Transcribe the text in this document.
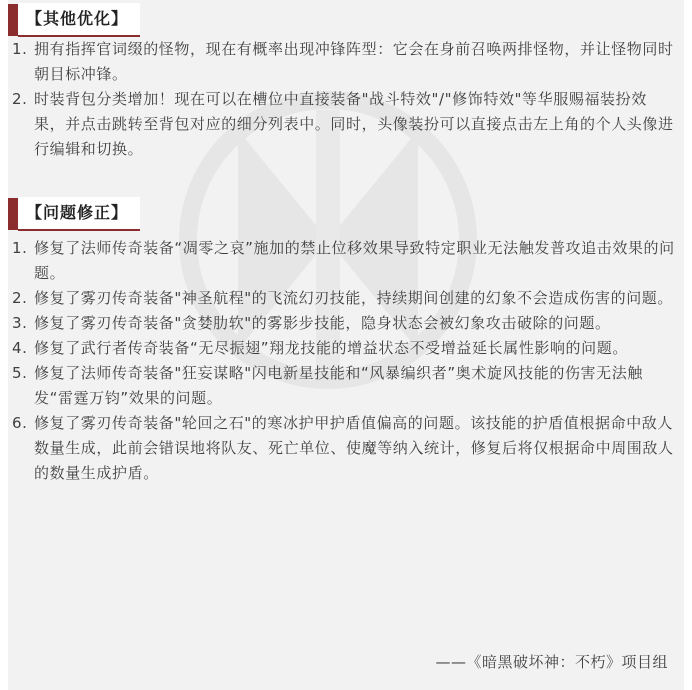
【其他优化】
1. 拥有指挥官词缀的怪物，现在有概率出现冲锋阵型：它会在身前召唤两排怪物，并让怪物同时朝目标冲锋。
2. 时装背包分类增加！现在可以在槽位中直接装备"战斗特效"/"修饰特效"等华服赐福装扮效果，并点击跳转至背包对应的细分列表中。同时，头像装扮可以直接点击左上角的个人头像进行编辑和切换。
【问题修正】
1. 修复了法师传奇装备“凋零之哀”施加的禁止位移效果导致特定职业无法触发普攻追击效果的问题。
2. 修复了雾刃传奇装备"神圣航程"的飞流幻刃技能，持续期间创建的幻象不会造成伤害的问题。
3. 修复了雾刃传奇装备"贪婪肋软"的雾影步技能，隐身状态会被幻象攻击破除的问题。
4. 修复了武行者传奇装备“无尽振翅”翔龙技能的增益状态不受增益延长属性影响的问题。
5. 修复了法师传奇装备"狂妄谋略"闪电新星技能和“风暴编织者”奥术旋风技能的伤害无法触发“雷霆万钧”效果的问题。
6. 修复了雾刃传奇装备"轮回之石"的寒冰护甲护盾值偏高的问题。该技能的护盾值根据命中敌人数量生成，此前会错误地将队友、死亡单位、使魔等纳入统计，修复后将仅根据命中周围敌人的数量生成护盾。
——《暗黑破坏神：不朽》项目组
